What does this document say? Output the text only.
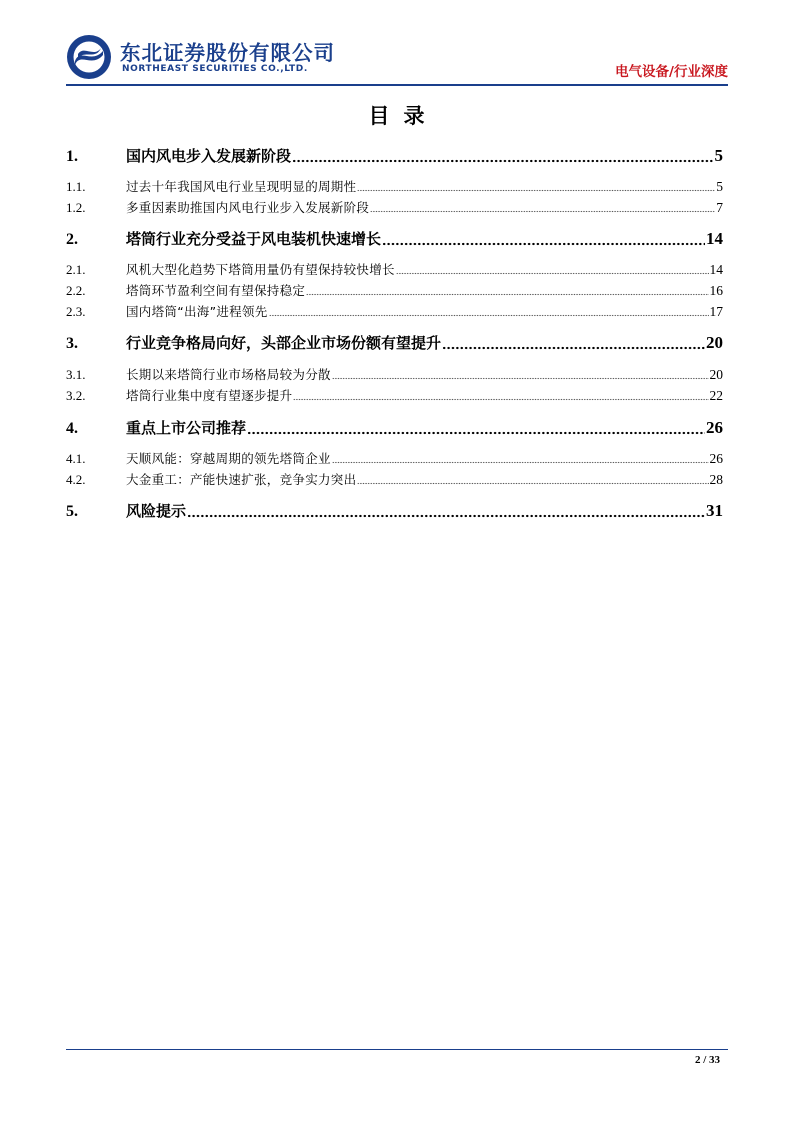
东北证券股份有限公司
NORTHEAST SECURITIES CO.,LTD.	电气设备/行业深度
目录
1.	国内风电步入发展新阶段	5
1.1.	过去十年我国风电行业呈现明显的周期性	5
1.2.	多重因素助推国内风电行业步入发展新阶段	7
2.	塔筒行业充分受益于风电装机快速增长	14
2.1.	风机大型化趋势下塔筒用量仍有望保持较快增长	14
2.2.	塔筒环节盈利空间有望保持稳定	16
2.3.	国内塔筒“出海”进程领先	17
3.	行业竞争格局向好，头部企业市场份额有望提升	20
3.1.	长期以来塔筒行业市场格局较为分散	20
3.2.	塔筒行业集中度有望逐步提升	22
4.	重点上市公司推荐	26
4.1.	天顺风能：穿越周期的领先塔筒企业	26
4.2.	大金重工：产能快速扩张，竞争实力突出	28
5.	风险提示	31
2 / 33
